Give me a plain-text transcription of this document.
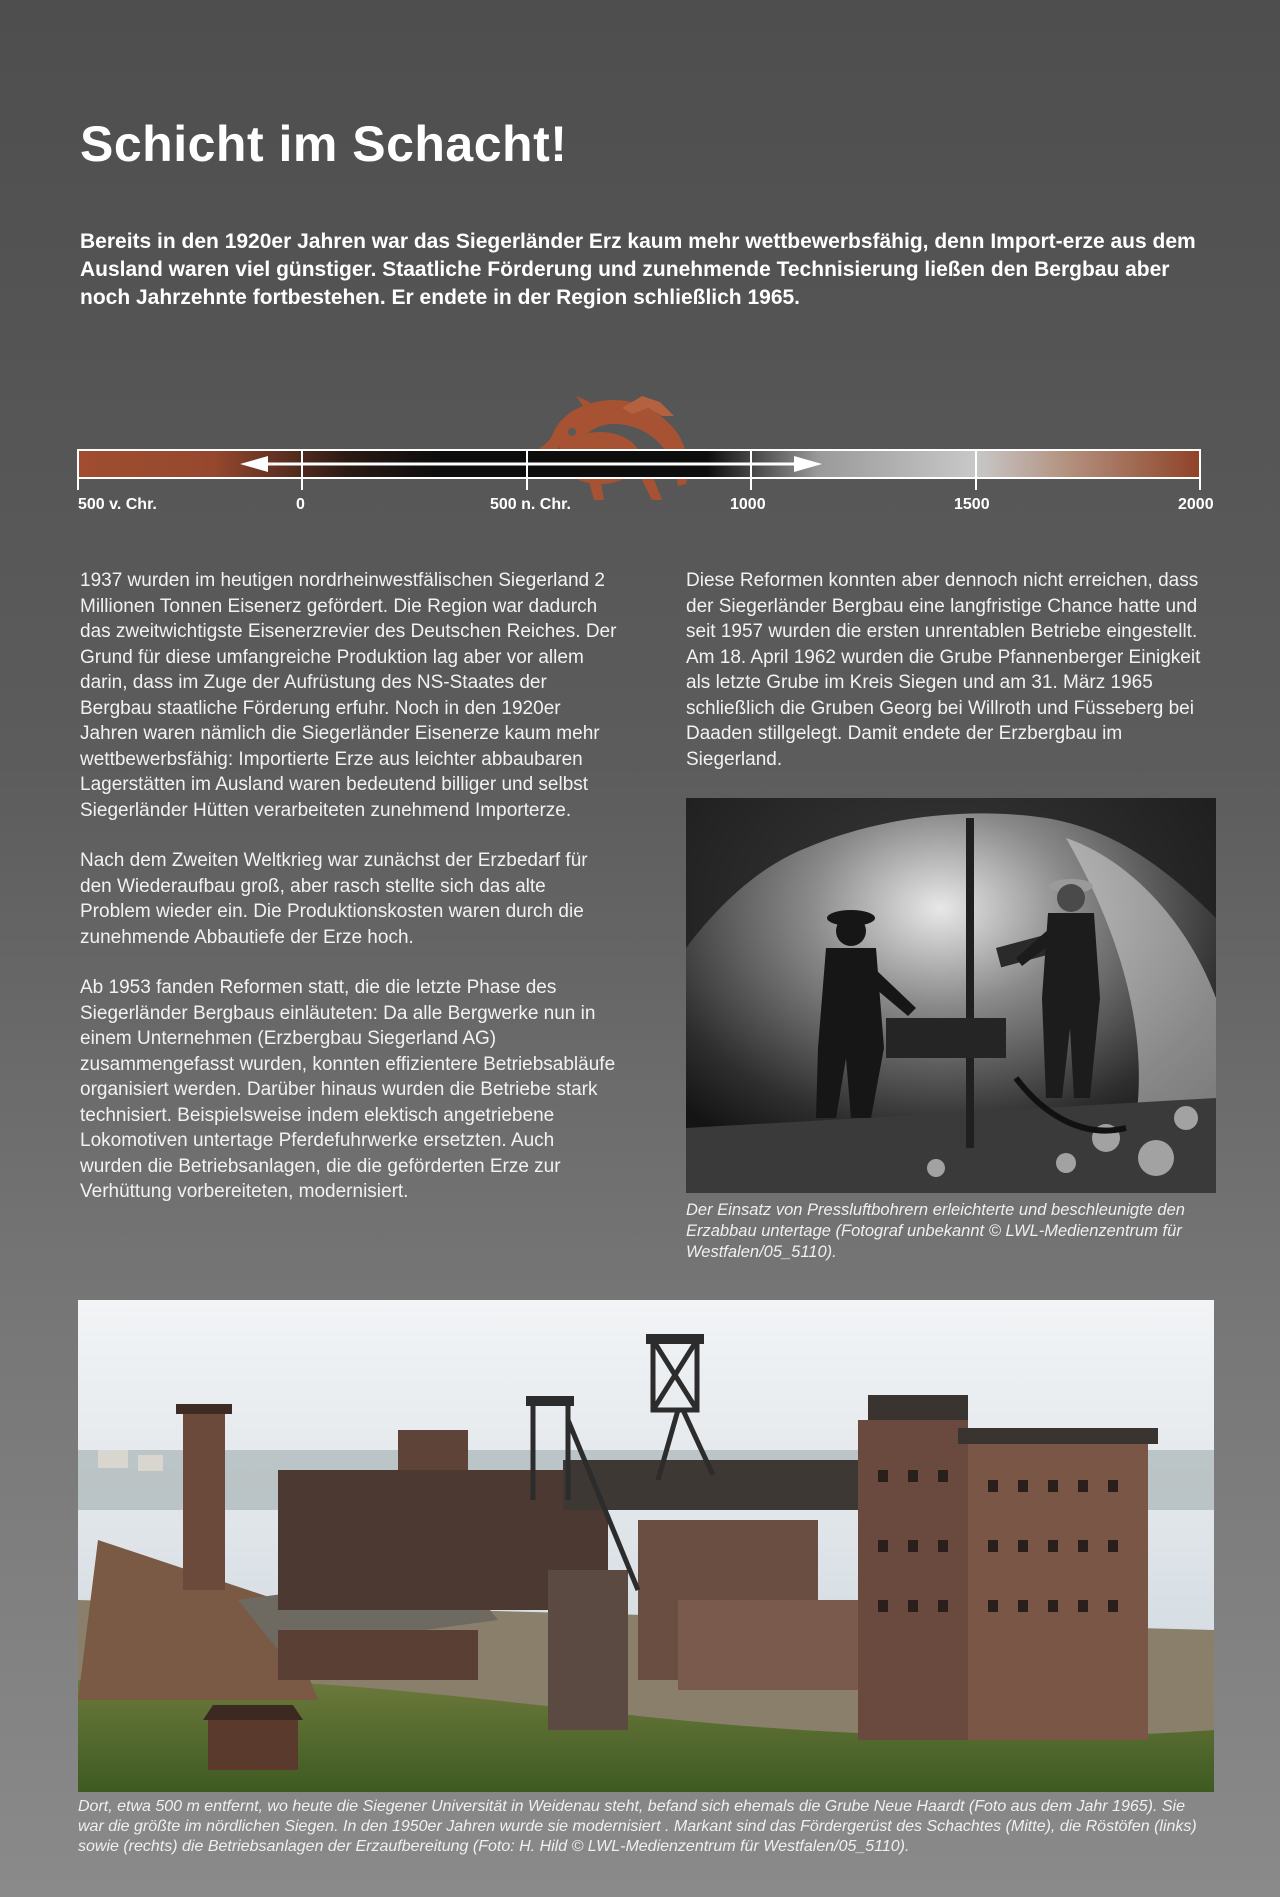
Schicht im Schacht!

Bereits in den 1920er Jahren war das Siegerländer Erz kaum mehr wettbewerbsfähig, denn Import-erze aus dem Ausland waren viel günstiger. Staatliche Förderung und zunehmende Technisierung ließen den Bergbau aber noch Jahrzehnte fortbestehen. Er endete in der Region schließlich 1965.

500 v. Chr.	0	500 n. Chr.	1000	1500	2000

1937 wurden im heutigen nordrheinwestfälischen Siegerland 2 Millionen Tonnen Eisenerz gefördert. Die Region war dadurch das zweitwichtigste Eisenerzrevier des Deutschen Reiches. Der Grund für diese umfangreiche Produktion lag aber vor allem darin, dass im Zuge der Aufrüstung des NS-Staates der Bergbau staatliche Förderung erfuhr. Noch in den 1920er Jahren waren nämlich die Siegerländer Eisenerze kaum mehr wettbewerbsfähig: Importierte Erze aus leichter abbaubaren Lagerstätten im Ausland waren bedeutend billiger und selbst Siegerländer Hütten verarbeiteten zunehmend Importerze.

Nach dem Zweiten Weltkrieg war zunächst der Erzbedarf für den Wiederaufbau groß, aber rasch stellte sich das alte Problem wieder ein. Die Produktionskosten waren durch die zunehmende Abbautiefe der Erze hoch.

Ab 1953 fanden Reformen statt, die die letzte Phase des Siegerländer Bergbaus einläuteten: Da alle Bergwerke nun in einem Unternehmen (Erzbergbau Siegerland AG) zusammengefasst wurden, konnten effizientere Betriebsabläufe organisiert werden. Darüber hinaus wurden die Betriebe stark technisiert. Beispielsweise indem elektisch angetriebene Lokomotiven untertage Pferdefuhrwerke ersetzten. Auch wurden die Betriebsanlagen, die die geförderten Erze zur Verhüttung vorbereiteten, modernisiert.

Diese Reformen konnten aber dennoch nicht erreichen, dass der Siegerländer Bergbau eine langfristige Chance hatte und seit 1957 wurden die ersten unrentablen Betriebe eingestellt. Am 18. April 1962 wurden die Grube Pfannenberger Einigkeit als letzte Grube im Kreis Siegen und am 31. März 1965 schließlich die Gruben Georg bei Willroth und Füsseberg bei Daaden stillgelegt. Damit endete der Erzbergbau im Siegerland.

Der Einsatz von Pressluftbohrern erleichterte und beschleunigte den Erzabbau untertage (Fotograf unbekannt © LWL-Medienzentrum für Westfalen/05_5110).

Dort, etwa 500 m entfernt, wo heute die Siegener Universität in Weidenau steht, befand sich ehemals die Grube Neue Haardt (Foto aus dem Jahr 1965). Sie war die größte im nördlichen Siegen. In den 1950er Jahren wurde sie modernisiert . Markant sind das Fördergerüst des Schachtes (Mitte), die Röstöfen (links) sowie (rechts) die Betriebsanlagen der Erzaufbereitung (Foto: H. Hild © LWL-Medienzentrum für Westfalen/05_5110).
